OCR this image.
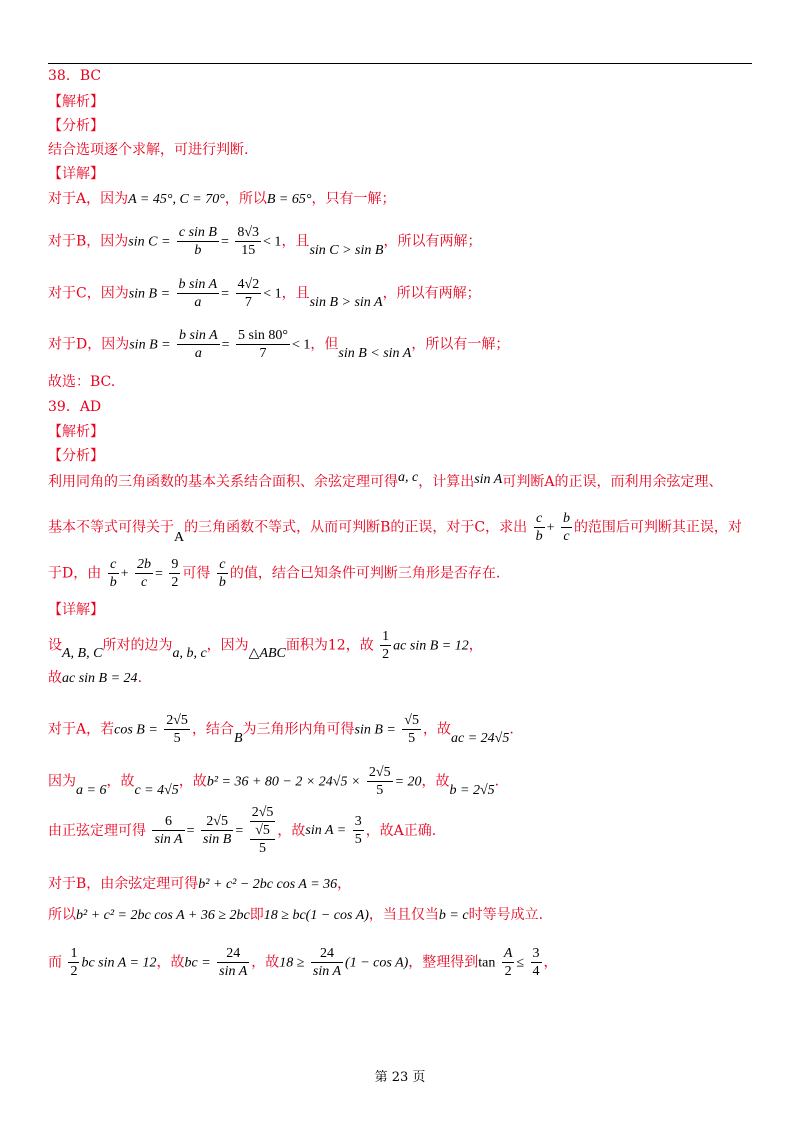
38．BC
【解析】
【分析】
结合选项逐个求解，可进行判断.
【详解】
对于A，因为A = 45°, C = 70°，所以B = 65°，只有一解；
对于B，因为$\sin C = \frac{\text{c sin B}}{b} = \frac{8√3}{15} < 1$，且sin C > sin B，所以有两解；
对于C，因为$\sin B = \frac{\text{b sin A}}{a} = \frac{4√2}{7} < 1$，且sin B > sin A，所以有两解；
对于D，因为$\sin B = \frac{\text{b sin A}}{a} = \frac{5 \sin 80^\circ}{7} < 1$，但sin B < sin A，所以有一解；
故选：BC.
39．AD
【解析】
【分析】
利用同角的三角函数的基本关系结合面积、余弦定理可得a, c，计算出sin A可判断A的正误，而利用余弦定理、
基本不等式可得关于A的三角函数不等式，从而可判断B的正误，对于C，求出 $\frac{c}{b} + \frac{b}{c}$ 的范围后可判断其正误，对
于D，由 $\frac{c}{b} + \frac{2b}{c} = \frac{9}{2}$ 可得 $\frac{c}{b}$ 的值，结合已知条件可判断三角形是否存在.
【详解】
设A, B, C所对的边为a, b, c，因为△ABC面积为12，故 $\frac{1}{2}$ ac sin B = 12，
故ac sin B = 24.
对于A，若$\cos B = \frac{2√5}{5}$ ，结合B为三角形内角可得$\sin B = \frac{√5}{5}$ ，故ac = 24√5.
因为a = 6，故c = 4√5，故$b^2 = 36 + 80 - 2 \times 24√5 \times \frac{2√5}{5} = 20$，故b = 2√5.
由正弦定理可得 $\frac{6}{\text{sin A}} = \frac{2√5}{\text{sin B}}$ =
2√5
√5
5
，故$\sin A = \frac{3}{5}$ ，故A正确.
对于B，由余弦定理可得b² + c² − 2bc cos A = 36，
所以b² + c² = 2bc cos A + 36 ≥ 2bc即18 ≥ bc(1 − cos A)，当且仅当b = c时等号成立.
而 $\frac{1}{2}$ bc sin A = 12，故bc = $\frac{24}{\text{sin A}}$ ，故$18 \ge \frac{24}{\text{sin A}} (1 - \cos A)$，整理得到$\tan \frac{A}{2} \le \frac{3}{4}$ ，
第 23 页
